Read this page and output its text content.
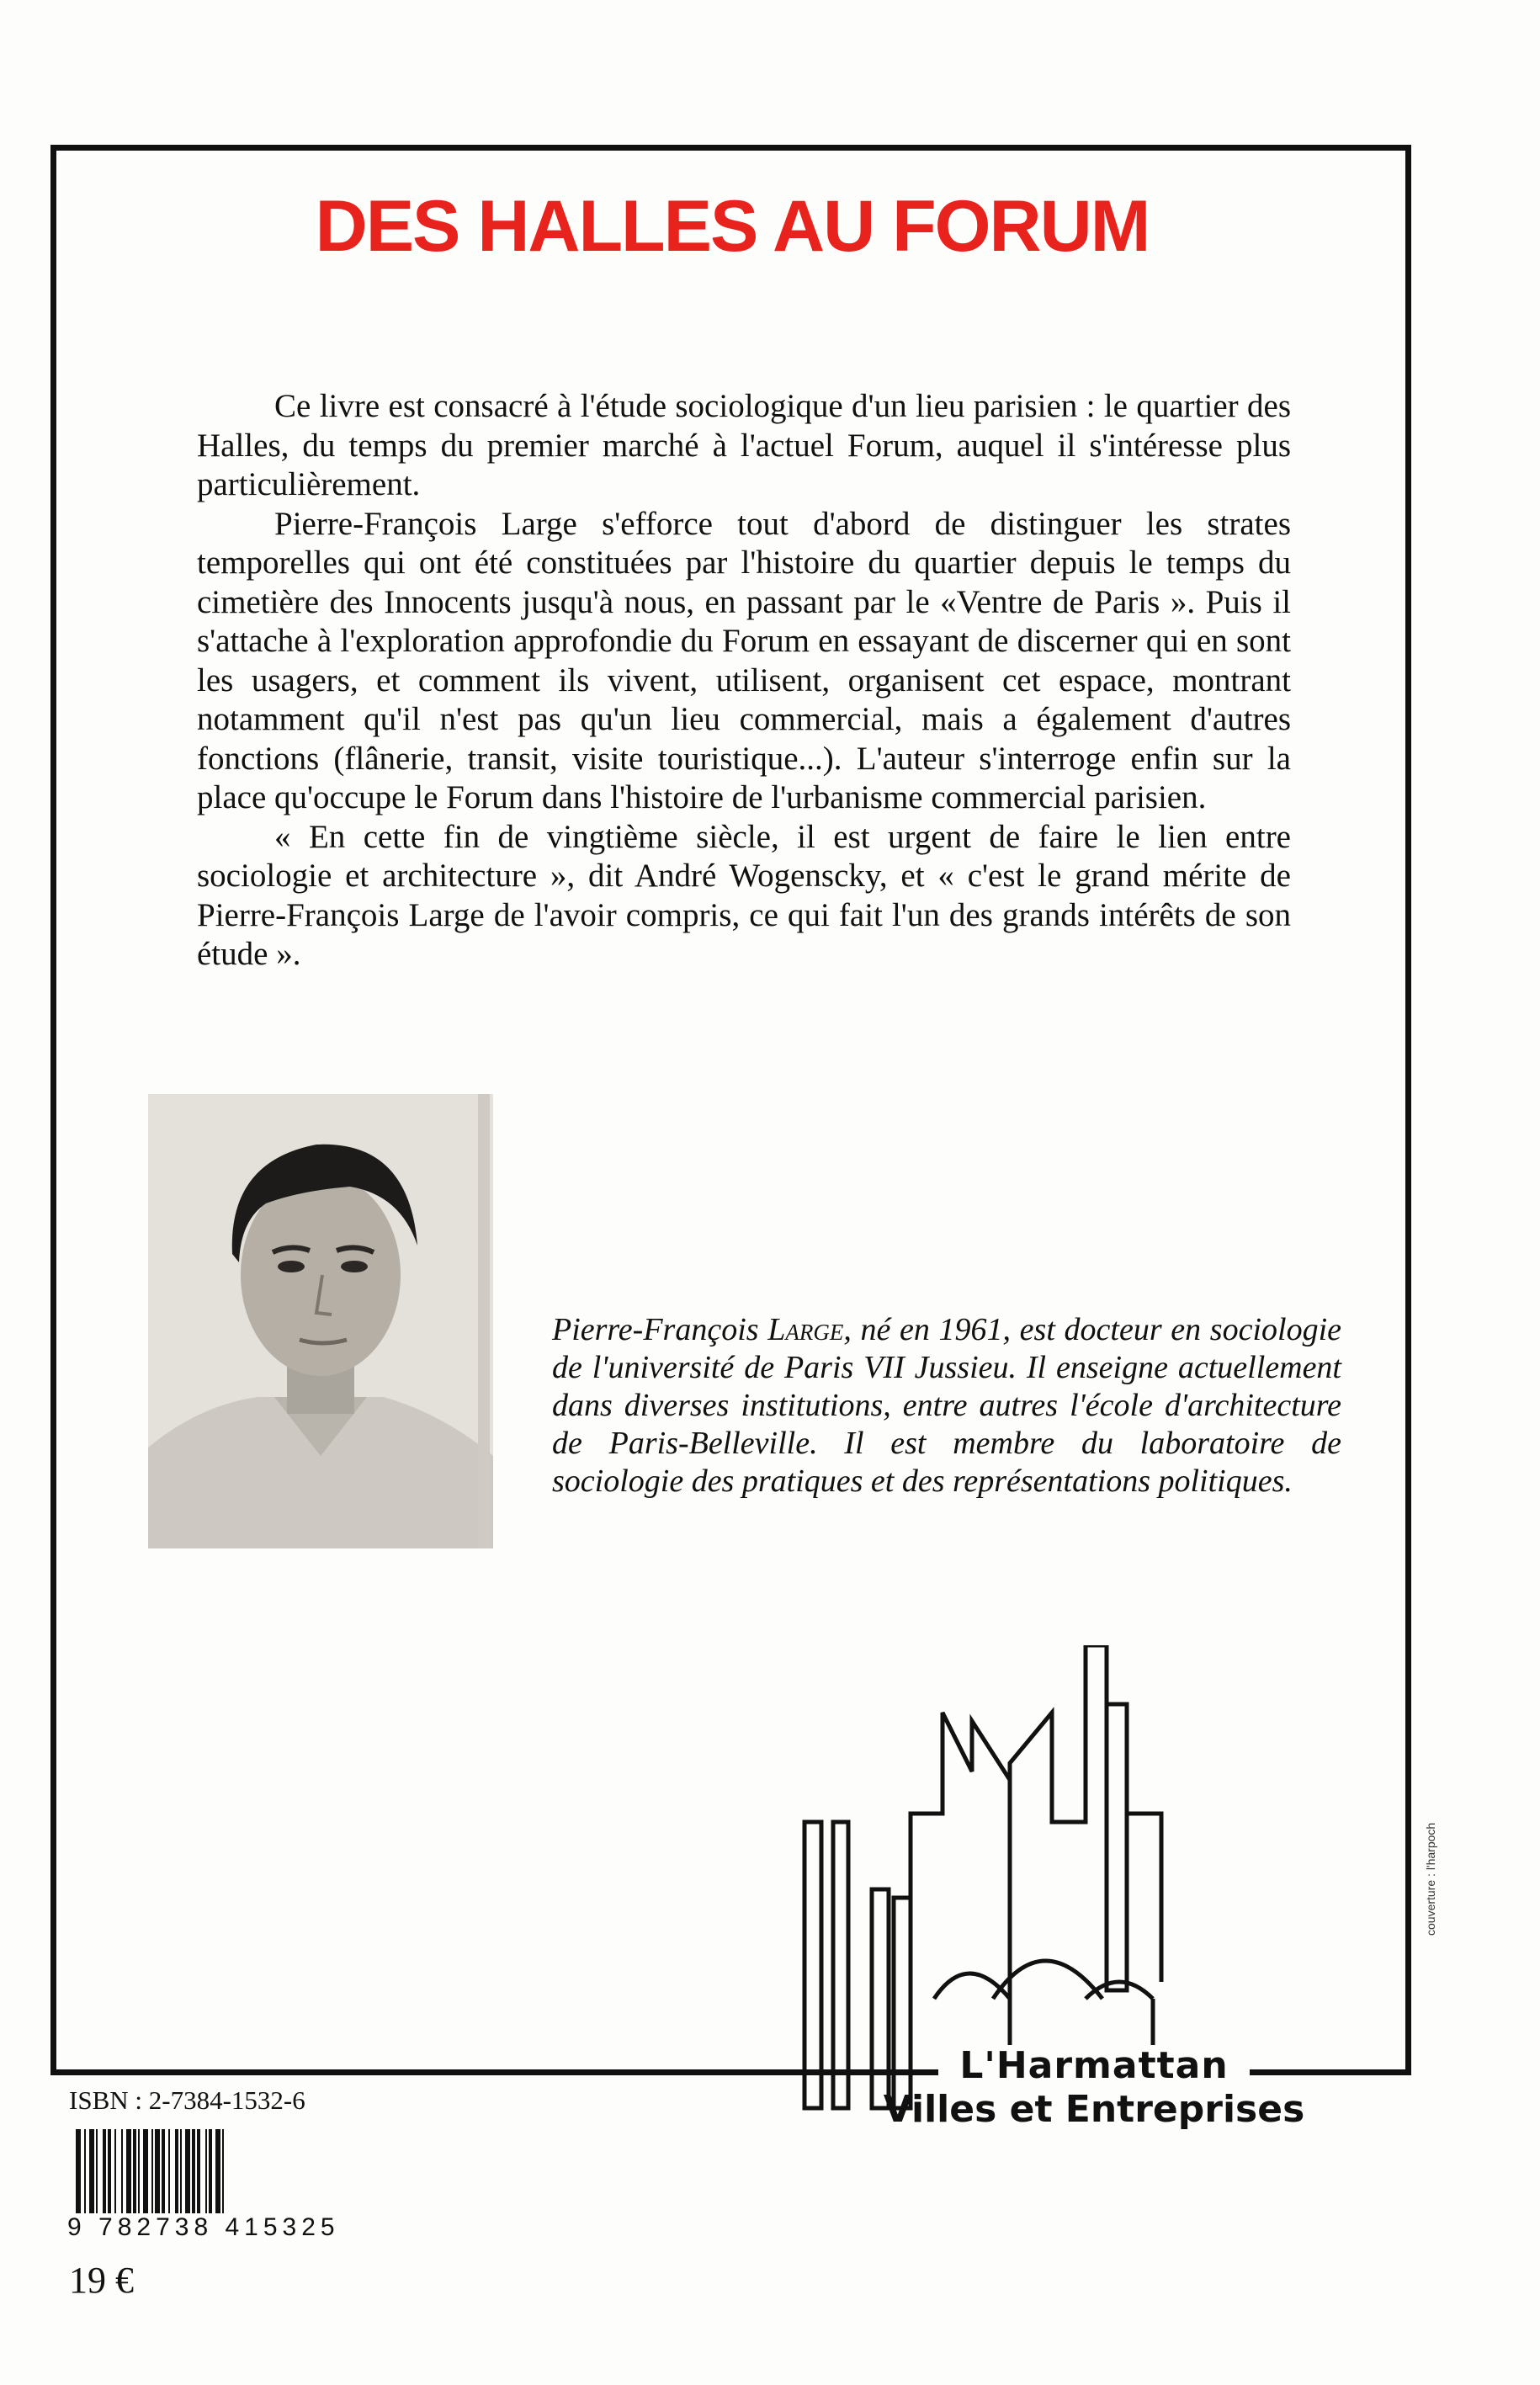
DES HALLES AU FORUM

Ce livre est consacré à l'étude sociologique d'un lieu parisien : le quartier des Halles, du temps du premier marché à l'actuel Forum, auquel il s'intéresse plus particulièrement.

Pierre-François Large s'efforce tout d'abord de distinguer les strates temporelles qui ont été constituées par l'histoire du quartier depuis le temps du cimetière des Innocents jusqu'à nous, en passant par le «Ventre de Paris ». Puis il s'attache à l'exploration approfondie du Forum en essayant de discerner qui en sont les usagers, et comment ils vivent, utilisent, organisent cet espace, montrant notamment qu'il n'est pas qu'un lieu commercial, mais a également d'autres fonctions (flânerie, transit, visite touristique...). L'auteur s'interroge enfin sur la place qu'occupe le Forum dans l'histoire de l'urbanisme commercial parisien.

« En cette fin de vingtième siècle, il est urgent de faire le lien entre sociologie et architecture », dit André Wogenscky, et « c'est le grand mérite de Pierre-François Large de l'avoir compris, ce qui fait l'un des grands intérêts de son étude ».

Pierre-François Large, né en 1961, est docteur en sociologie de l'université de Paris VII Jussieu. Il enseigne actuellement dans diverses institutions, entre autres l'école d'architecture de Paris-Belleville. Il est membre du laboratoire de sociologie des pratiques et des représentations politiques.

L'Harmattan
Villes et Entreprises

couverture : l'harpoch

ISBN : 2-7384-1532-6

9 782738 415325

19 €
